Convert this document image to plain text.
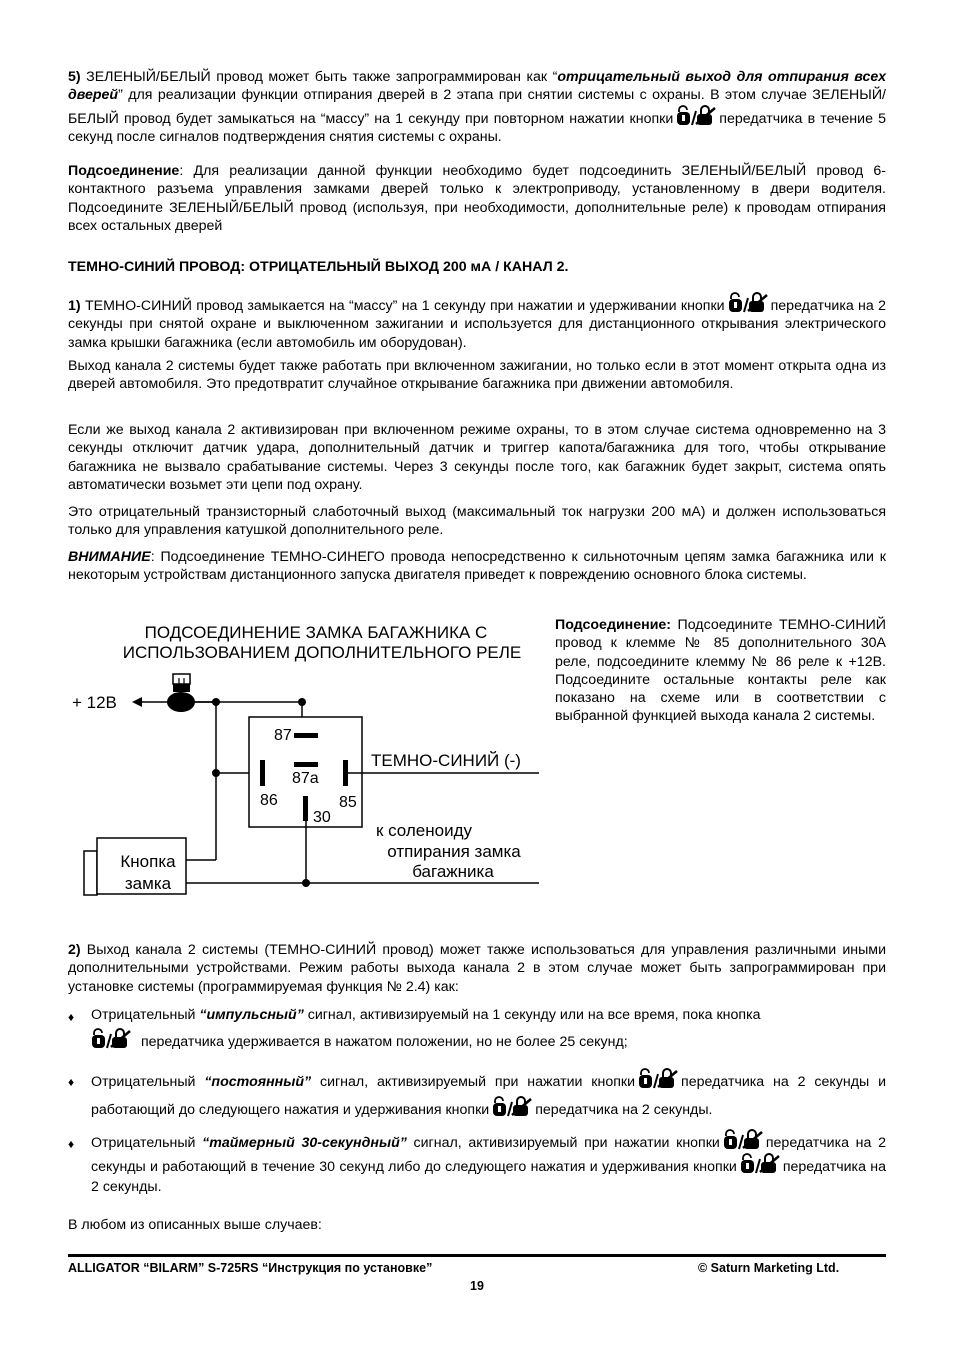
5) ЗЕЛЕНЫЙ/БЕЛЫЙ провод может быть также запрограммирован как “отрицательный выход для отпирания всех дверей” для реализации функции отпирания дверей в 2 этапа при снятии системы с охраны. В этом случае ЗЕЛЕНЫЙ/БЕЛЫЙ провод будет замыкаться на “массу” на 1 секунду при повторном нажатии кнопки	передатчика в течение 5 секунд после сигналов подтверждения снятия системы с охраны.

Подсоединение: Для реализации данной функции необходимо будет подсоединить ЗЕЛЕНЫЙ/БЕЛЫЙ провод 6-контактного разъема управления замками дверей только к электроприводу, установленному в двери водителя. Подсоедините ЗЕЛЕНЫЙ/БЕЛЫЙ провод (используя, при необходимости, дополнительные реле) к проводам отпирания всех остальных дверей

ТЕМНО-СИНИЙ ПРОВОД: ОТРИЦАТЕЛЬНЫЙ ВЫХОД 200 мА / КАНАЛ 2.

1) ТЕМНО-СИНИЙ провод замыкается на “массу” на 1 секунду при нажатии и удерживании кнопки	передатчика на 2 секунды при снятой охране и выключенном зажигании и используется для дистанционного открывания электрического замка крышки багажника (если автомобиль им оборудован).

Выход канала 2 системы будет также работать при включенном зажигании, но только если в этот момент открыта одна из дверей автомобиля. Это предотвратит случайное открывание багажника при движении автомобиля.

Если же выход канала 2 активизирован при включенном режиме охраны, то в этом случае система одновременно на 3 секунды отключит датчик удара, дополнительный датчик и триггер капота/багажника для того, чтобы открывание багажника не вызвало срабатывание системы. Через 3 секунды после того, как багажник будет закрыт, система опять автоматически возьмет эти цепи под охрану.

Это отрицательный транзисторный слаботочный выход (максимальный ток нагрузки 200 мА) и должен использоваться только для управления катушкой дополнительного реле.

ВНИМАНИЕ: Подсоединение ТЕМНО-СИНЕГО провода непосредственно к сильноточным цепям замка багажника или к некоторым устройствам дистанционного запуска двигателя приведет к повреждению основного блока системы.

ПОДСОЕДИНЕНИЕ ЗАМКА БАГАЖНИКА С
ИСПОЛЬЗОВАНИЕМ ДОПОЛНИТЕЛЬНОГО РЕЛЕ
+ 12В
87
87a
86	85
30
ТЕМНО-СИНИЙ (-)
Кнопка
замка
к соленоиду
отпирания замка
багажника

Подсоединение: Подсоедините ТЕМНО-СИНИЙ провод к клемме № 85 дополнительного 30А реле, подсоедините клемму № 86 реле к +12В. Подсоедините остальные контакты реле как показано на схеме или в соответствии с выбранной функцией выхода канала 2 системы.

2) Выход канала 2 системы (ТЕМНО-СИНИЙ провод) может также использоваться для управления различными иными дополнительными устройствами. Режим работы выхода канала 2 в этом случае может быть запрограммирован при установке системы (программируемая функция № 2.4) как:

♦ Отрицательный “импульсный” сигнал, активизируемый на 1 секунду или на все время, пока кнопка
передатчика удерживается в нажатом положении, но не более 25 секунд;

♦ Отрицательный “постоянный” сигнал, активизируемый при нажатии кнопки	передатчика на 2 секунды и работающий до следующего нажатия и удерживания кнопки	передатчика на 2 секунды.

♦ Отрицательный “таймерный 30-секундный” сигнал, активизируемый при нажатии кнопки	передатчика на 2 секунды и работающий в течение 30 секунд либо до следующего нажатия и удерживания кнопки	передатчика на 2 секунды.

В любом из описанных выше случаев:

ALLIGATOR “BILARM” S-725RS “Инструкция по установке”	© Saturn Marketing Ltd.
19
